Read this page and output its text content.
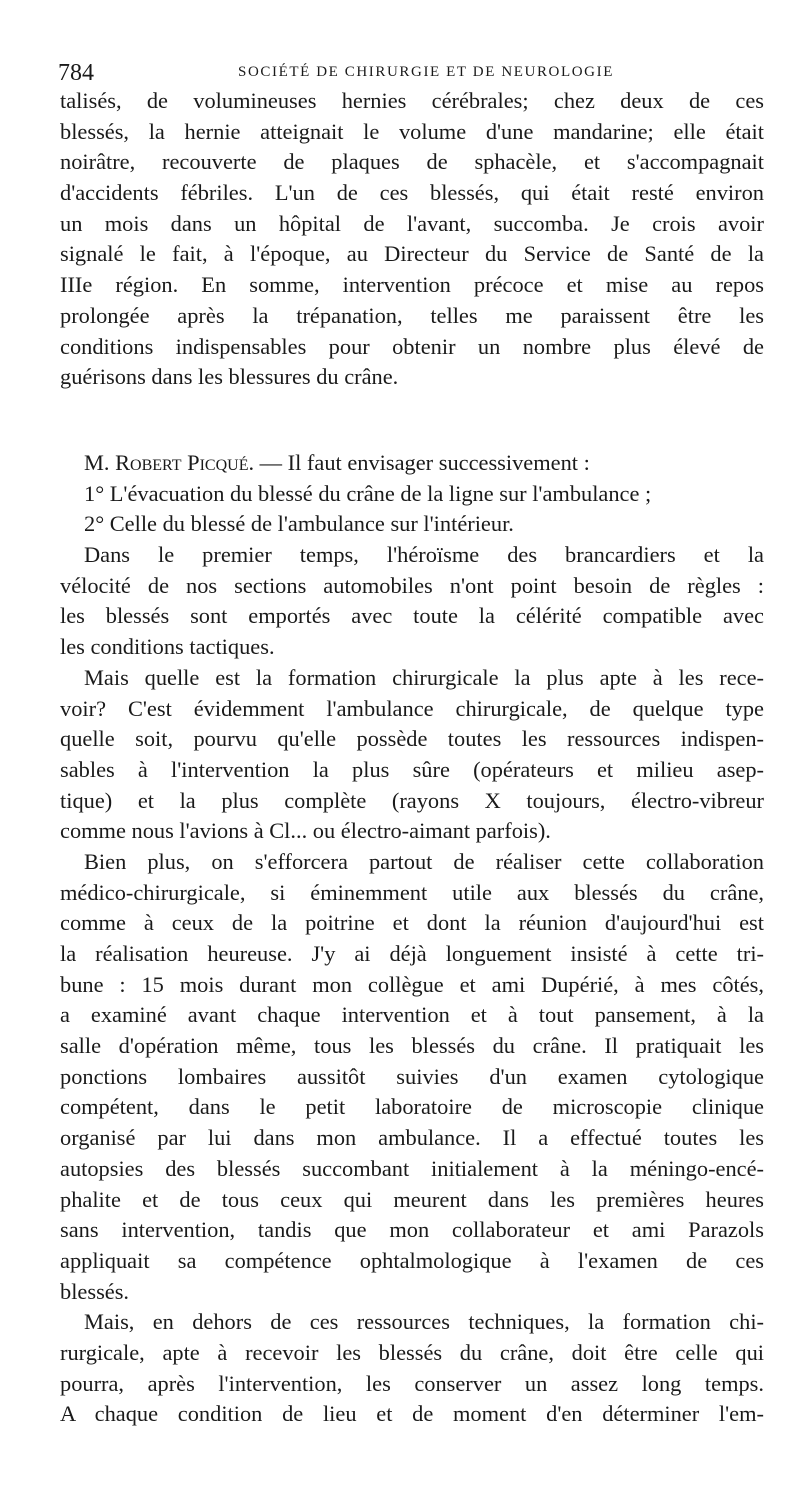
784	SOCIÉTÉ DE CHIRURGIE ET DE NEUROLOGIE
talisés, de volumineuses hernies cérébrales; chez deux de ces
blessés, la hernie atteignait le volume d'une mandarine; elle était
noirâtre, recouverte de plaques de sphacèle, et s'accompagnait
d'accidents fébriles. L'un de ces blessés, qui était resté environ
un mois dans un hôpital de l'avant, succomba. Je crois avoir
signalé le fait, à l'époque, au Directeur du Service de Santé de la
IIIe région. En somme, intervention précoce et mise au repos
prolongée après la trépanation, telles me paraissent être les
conditions indispensables pour obtenir un nombre plus élevé de
guérisons dans les blessures du crâne.
M. Robert Picqué. — Il faut envisager successivement :
1° L'évacuation du blessé du crâne de la ligne sur l'ambulance ;
2° Celle du blessé de l'ambulance sur l'intérieur.
Dans le premier temps, l'héroïsme des brancardiers et la
vélocité de nos sections automobiles n'ont point besoin de règles :
les blessés sont emportés avec toute la célérité compatible avec
les conditions tactiques.
Mais quelle est la formation chirurgicale la plus apte à les rece-
voir? C'est évidemment l'ambulance chirurgicale, de quelque type
quelle soit, pourvu qu'elle possède toutes les ressources indispen-
sables à l'intervention la plus sûre (opérateurs et milieu asep-
tique) et la plus complète (rayons X toujours, électro-vibreur
comme nous l'avions à Cl... ou électro-aimant parfois).
Bien plus, on s'efforcera partout de réaliser cette collaboration
médico-chirurgicale, si éminemment utile aux blessés du crâne,
comme à ceux de la poitrine et dont la réunion d'aujourd'hui est
la réalisation heureuse. J'y ai déjà longuement insisté à cette tri-
bune : 15 mois durant mon collègue et ami Dupérié, à mes côtés,
a examiné avant chaque intervention et à tout pansement, à la
salle d'opération même, tous les blessés du crâne. Il pratiquait les
ponctions lombaires aussitôt suivies d'un examen cytologique
compétent, dans le petit laboratoire de microscopie clinique
organisé par lui dans mon ambulance. Il a effectué toutes les
autopsies des blessés succombant initialement à la méningo-encé-
phalite et de tous ceux qui meurent dans les premières heures
sans intervention, tandis que mon collaborateur et ami Parazols
appliquait sa compétence ophtalmologique à l'examen de ces
blessés.
Mais, en dehors de ces ressources techniques, la formation chi-
rurgicale, apte à recevoir les blessés du crâne, doit être celle qui
pourra, après l'intervention, les conserver un assez long temps.
A chaque condition de lieu et de moment d'en déterminer l'em-
